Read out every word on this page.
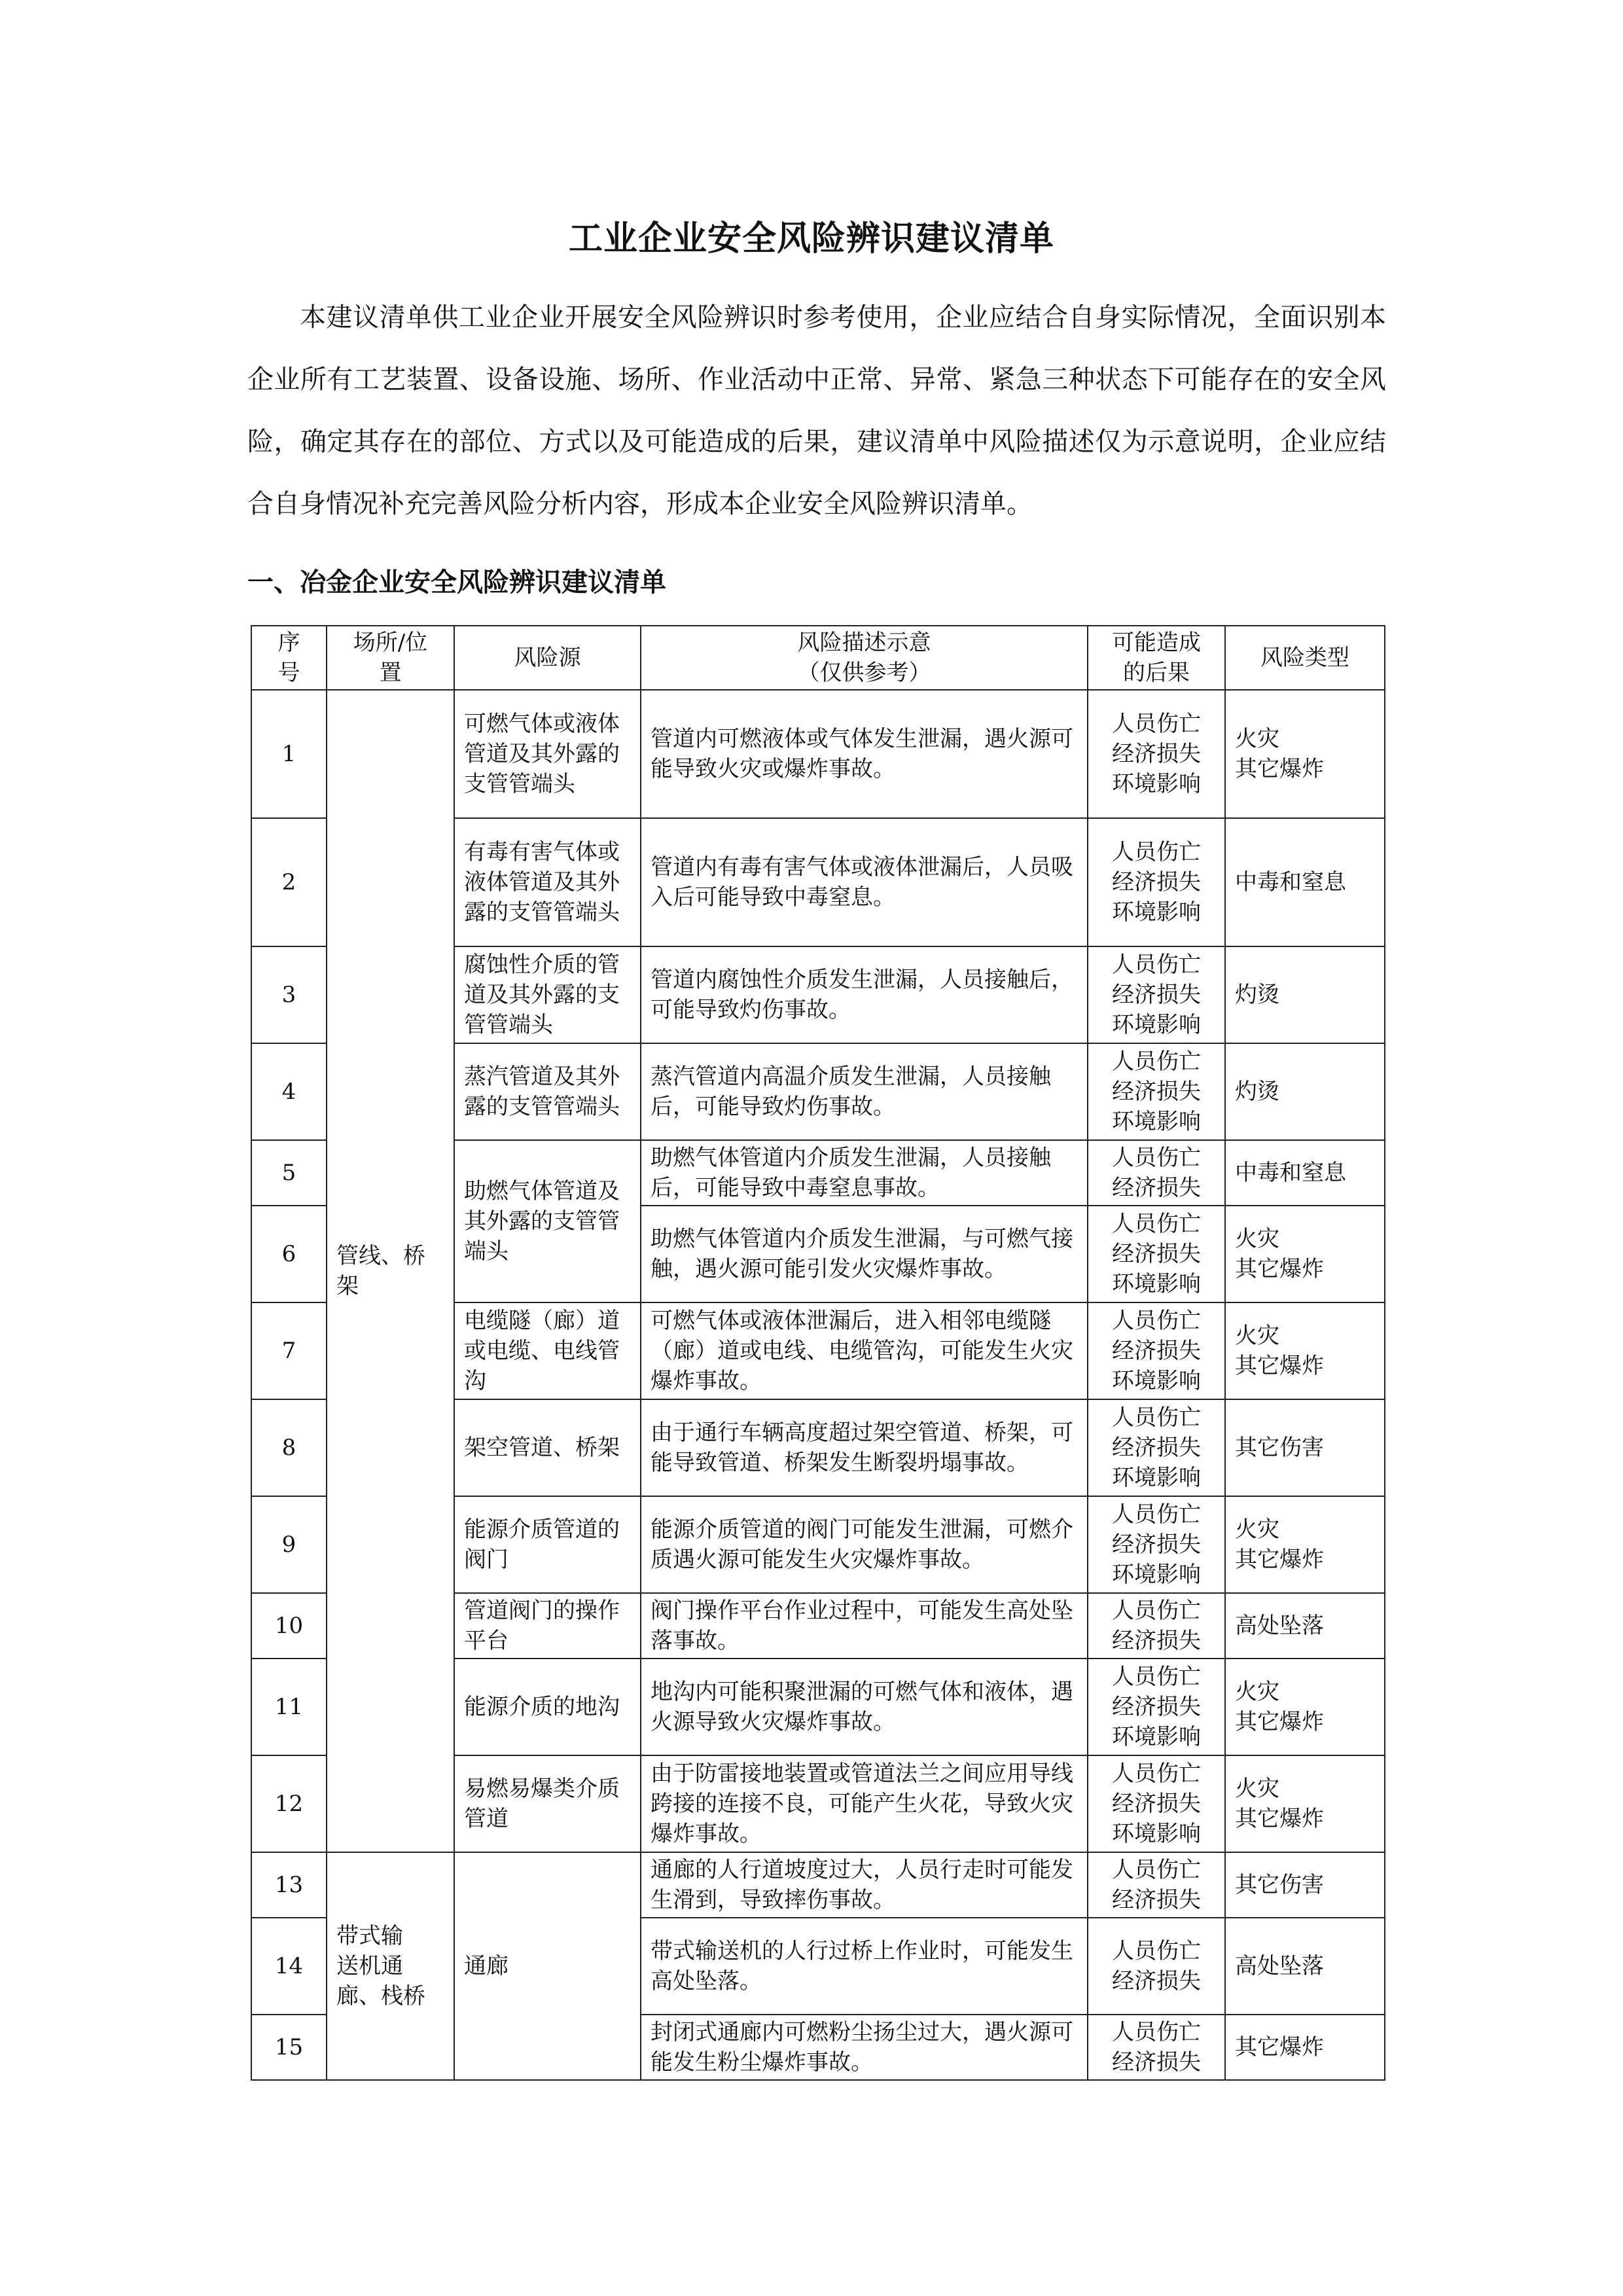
工业企业安全风险辨识建议清单

本建议清单供工业企业开展安全风险辨识时参考使用，企业应结合自身实际情况，全面识别本企业所有工艺装置、设备设施、场所、作业活动中正常、异常、紧急三种状态下可能存在的安全风险，确定其存在的部位、方式以及可能造成的后果，建议清单中风险描述仅为示意说明，企业应结合自身情况补充完善风险分析内容，形成本企业安全风险辨识清单。

一、冶金企业安全风险辨识建议清单
序
号	场所/位
置	风险源	风险描述示意
（仅供参考）	可能造成
的后果	风险类型
1	管线、桥
架	可燃气体或液体管道及其外露的支管管端头	管道内可燃液体或气体发生泄漏，遇火源可能导致火灾或爆炸事故。	人员伤亡
经济损失
环境影响	火灾
其它爆炸
2		有毒有害气体或液体管道及其外露的支管管端头	管道内有毒有害气体或液体泄漏后，人员吸入后可能导致中毒窒息。	人员伤亡
经济损失
环境影响	中毒和窒息
3		腐蚀性介质的管道及其外露的支管管端头	管道内腐蚀性介质发生泄漏，人员接触后，可能导致灼伤事故。	人员伤亡
经济损失
环境影响	灼烫
4		蒸汽管道及其外露的支管管端头	蒸汽管道内高温介质发生泄漏，人员接触后，可能导致灼伤事故。	人员伤亡
经济损失
环境影响	灼烫
5		助燃气体管道及其外露的支管管端头	助燃气体管道内介质发生泄漏，人员接触后，可能导致中毒窒息事故。	人员伤亡
经济损失	中毒和窒息
6			助燃气体管道内介质发生泄漏，与可燃气接触，遇火源可能引发火灾爆炸事故。	人员伤亡
经济损失
环境影响	火灾
其它爆炸
7		电缆隧（廊）道或电缆、电线管沟	可燃气体或液体泄漏后，进入相邻电缆隧（廊）道或电线、电缆管沟，可能发生火灾爆炸事故。	人员伤亡
经济损失
环境影响	火灾
其它爆炸
8		架空管道、桥架	由于通行车辆高度超过架空管道、桥架，可能导致管道、桥架发生断裂坍塌事故。	人员伤亡
经济损失
环境影响	其它伤害
9		能源介质管道的阀门	能源介质管道的阀门可能发生泄漏，可燃介质遇火源可能发生火灾爆炸事故。	人员伤亡
经济损失
环境影响	火灾
其它爆炸
10		管道阀门的操作平台	阀门操作平台作业过程中，可能发生高处坠落事故。	人员伤亡
经济损失	高处坠落
11		能源介质的地沟	地沟内可能积聚泄漏的可燃气体和液体，遇火源导致火灾爆炸事故。	人员伤亡
经济损失
环境影响	火灾
其它爆炸
12		易燃易爆类介质管道	由于防雷接地装置或管道法兰之间应用导线跨接的连接不良，可能产生火花，导致火灾爆炸事故。	人员伤亡
经济损失
环境影响	火灾
其它爆炸
13	带式输
送机通
廊、栈桥	通廊	通廊的人行道坡度过大，人员行走时可能发生滑到，导致摔伤事故。	人员伤亡
经济损失	其它伤害
14			带式输送机的人行过桥上作业时，可能发生高处坠落。	人员伤亡
经济损失	高处坠落
15			封闭式通廊内可燃粉尘扬尘过大，遇火源可能发生粉尘爆炸事故。	人员伤亡
经济损失	其它爆炸
